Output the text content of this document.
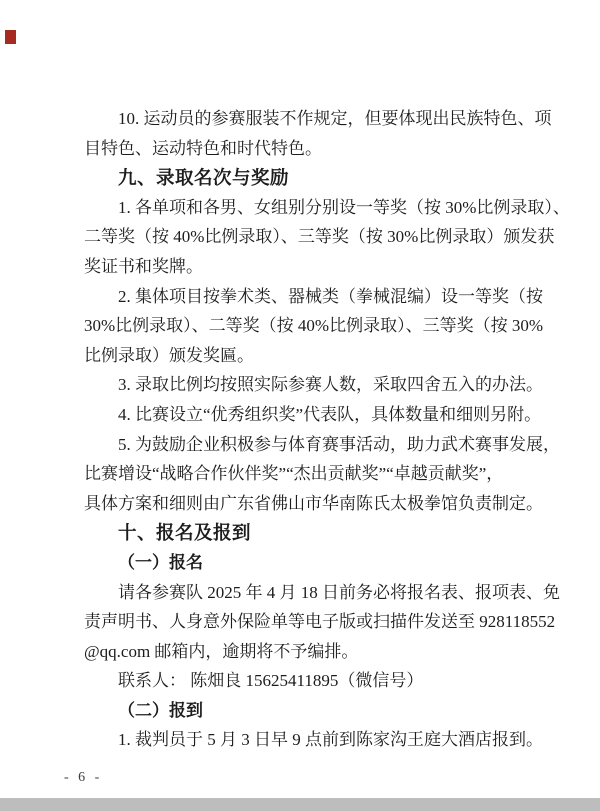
10. 运动员的参赛服装不作规定，但要体现出民族特色、项
目特色、运动特色和时代特色。
九、录取名次与奖励
1. 各单项和各男、女组别分别设一等奖（按 30%比例录取）、
二等奖（按 40%比例录取）、三等奖（按 30%比例录取）颁发获
奖证书和奖牌。
2. 集体项目按拳术类、器械类（拳械混编）设一等奖（按
30%比例录取）、二等奖（按 40%比例录取）、三等奖（按 30%
比例录取）颁发奖匾。
3. 录取比例均按照实际参赛人数，采取四舍五入的办法。
4. 比赛设立“优秀组织奖”代表队，具体数量和细则另附。
5. 为鼓励企业积极参与体育赛事活动，助力武术赛事发展，
比赛增设“战略合作伙伴奖”“杰出贡献奖”“卓越贡献奖”，
具体方案和细则由广东省佛山市华南陈氏太极拳馆负责制定。
十、报名及报到
（一）报名
请各参赛队 2025 年 4 月 18 日前务必将报名表、报项表、免
责声明书、人身意外保险单等电子版或扫描件发送至 928118552
@qq.com 邮箱内，逾期将不予编排。
联系人： 陈畑良 15625411895（微信号）
（二）报到
1. 裁判员于 5 月 3 日早 9 点前到陈家沟王庭大酒店报到。
- 6 -
